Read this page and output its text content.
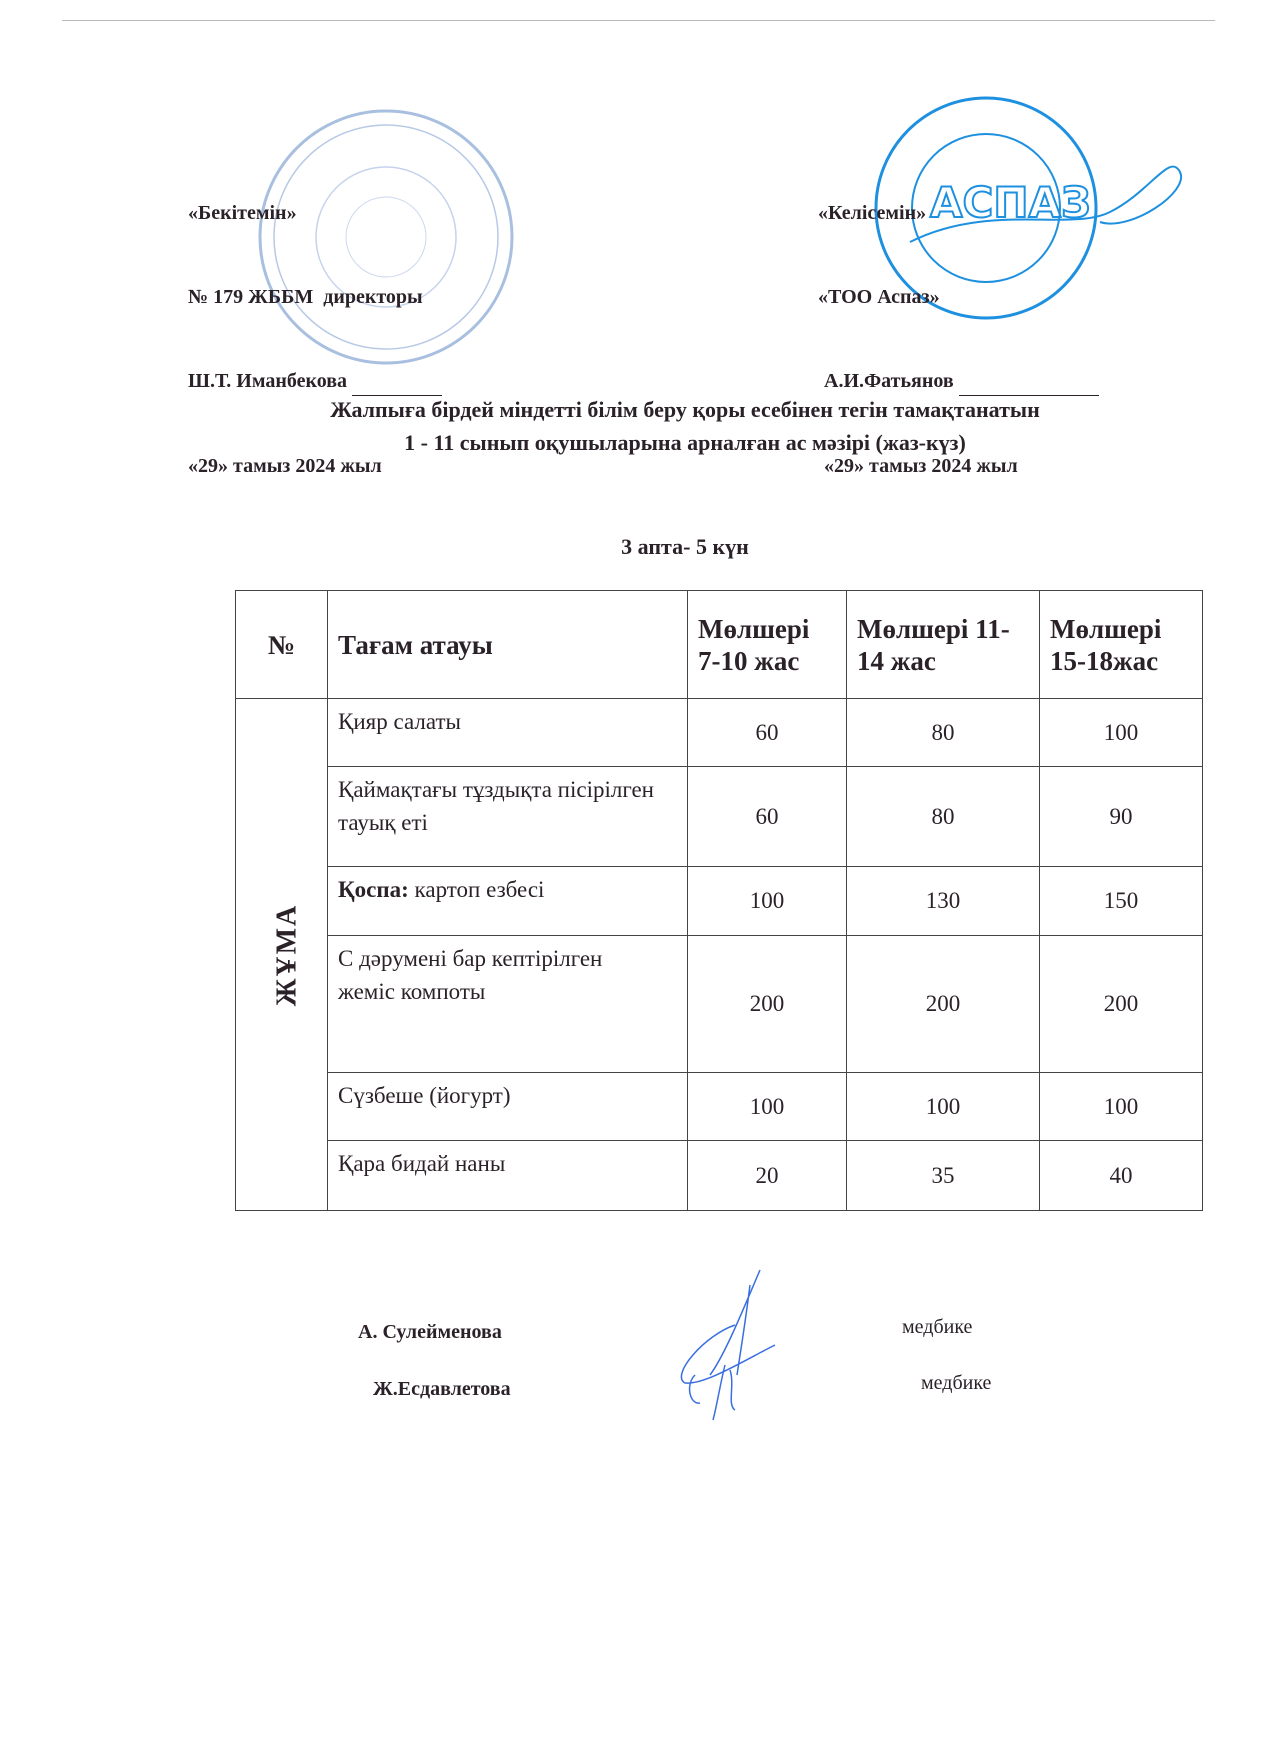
АСПАЗ

«Бекітемін»

№ 179 ЖББМ  директоры

Ш.Т. Иманбекова

«29» тамыз 2024 жыл

«Келісемін»

«ТОО Аспаз»

А.И.Фатьянов

«29» тамыз 2024 жыл

Жалпыға бірдей міндетті білім беру қоры есебінен тегін тамақтанатын
1 - 11 сынып оқушыларына арналған ас мәзірі (жаз-күз)
3 апта- 5 күн
№	Тағам атауы	Мөлшері 7-10 жас	Мөлшері 11-14 жас	Мөлшері 15-18жас
ЖҰМА	Қияр салаты	60	80	100
	Қаймақтағы тұздықта пісірілген тауық еті	60	80	90
	Қоспа: картоп езбесі	100	130	150
	С дәрумені бар кептірілген жеміс компоты	200	200	200
	Сүзбеше (йогурт)	100	100	100
	Қара бидай наны	20	35	40
А. Сулейменова	медбике
Ж.Есдавлетова	медбике
